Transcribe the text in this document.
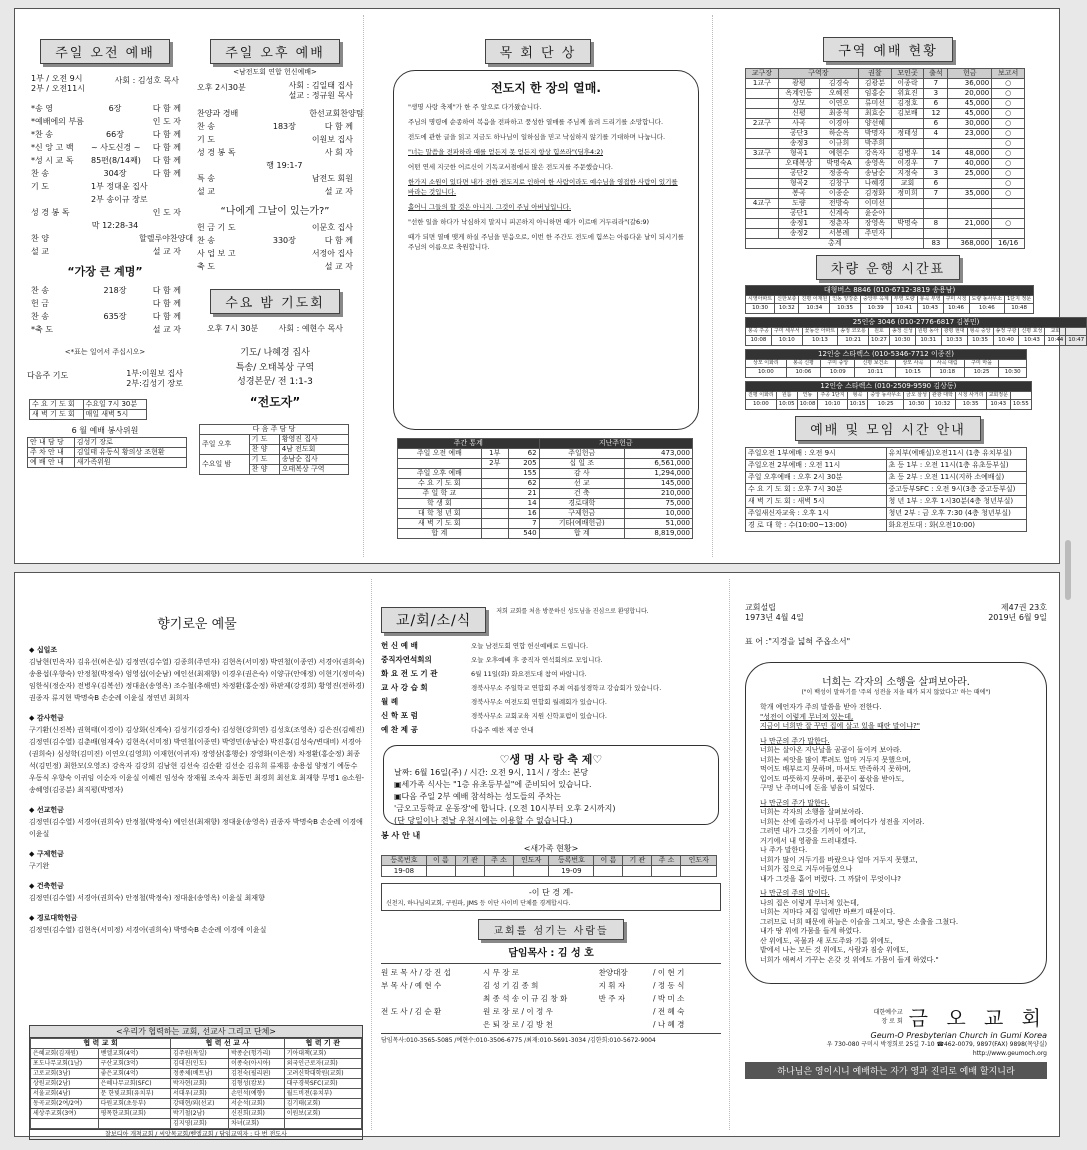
주일 오전 예배
1부 / 오전 9시
2부 / 오전11시
사회 : 김성호 목사
*송 영	6장	다 함 께
*예배에의 부름	인 도 자
*찬 송	66장	다 함 께
*신 앙 고 백	~ 사도신경 ~	다 함 께
*성 시 교 독	85편(8/14째)	다 함 께
찬 송	304장	다 함 께
기 도	1부 정대윤 집사
2부 송이규 장로
성 경 봉 독	인 도 자
막 12:28-34
찬 양	할렐루야찬양대
설 교	설 교 자
“가장 큰 계명”
찬 송	218장	다 함 께
헌 금	다 함 께
찬 송	635장	다 함 께
*축 도	설 교 자
<*표는 일어서 주십시오>
다음주 기도	1부:이원보 집사
2부:김성기 장로
수 요 기 도 회	수요일 7시 30분
새 벽 기 도 회	매일 새벽 5시
6 월 예배 봉사위원
안 내 담 당	김성기 장로
주 차 안 내	김일태 유동식 황의상 조현환
예 배 안 내	새가족위원
주일 오후 예배
<남전도회 연합 헌신예배>
오후 2시30분	사회 : 김일태 집사
설교 : 정규원 목사
찬양과 경배	한선교회찬양팀
찬 송	183장	다 함 께
기 도	이원보 집사
성 경 봉 독	사 회 자
행 19:1-7
특 송	남전도 회원
설 교	설 교 자
“나에게 그날이 있는가?”
헌 금 기 도	이문호 집사
찬 송	330장	다 함 께
사 업 보 고	서정아 집사
축 도	설 교 자
수요 밤 기도회
오후 7시 30분	사회 : 예현수 목사
기도/ 나혜경 집사
특송/ 오태복상 구역
성경본문/ 전 1:1-3
“전도자”
다 음 주 담 당		
주일 오후	기 도	황영진 집사
	찬 양	4남 전도회
수요일 밤	기 도	송남순 집사
	찬 양	오태복상 구역
목 회 단 상
전도지 한 장의 열매.

"생명 사랑 축제"가 한 주 앞으로 다가왔습니다.

주님의 명령에 순종하여 복음을 전파하고 풍성한 열매를 주님께 올려 드리기를 소망합니다.

전도에 관한 글을 읽고 지금도 하나님이 일하심을 믿고 낙심하지 않기를 기대하며 나눕니다.

"너는 말씀을 전파하라 때를 얻든지 못 얻든지 항상 힘쓰라"(딤후4:2)

어떤 연세 지긋한 어르신이 기독교서점에서 많은 전도지를 주문했습니다.

한가지 소원이 있다면 내가 전한 전도지로 인하여 한 사람이라도 예수님을 영접한 사람이 있기를 바라는 것입니다.

홀어니 그들의 할 것은 아니지. 그것이 주님 아버님입니다.

"선한 일을 하다가 낙심하지 말지니 피곤하지 아니하면 때가 이르매 거두리라"(갈6:9)

때가 되면 열매 맺게 하실 주님을 믿음으로, 이번 한 주간도 전도에 힘쓰는 아름다운 날이 되시기를 주님의 이름으로 축원합니다.

주간 통계			지난주헌금	
주일 오전 예배	1부	62	주일헌금	473,000
	2부	205	십 일 조	6,561,000
주일 오후 예배		155	감 사	1,294,000
수 요 기 도 회		62	선 교	145,000
주 일 학 교		21	건 축	210,000
학 생 회		14	경로대학	75,000
대 학 청 년 회		16	구제헌금	10,000
새 벽 기 도 회		7	기타(예배헌금)	51,000
합 계		540	합 계	8,819,000
구역 예배 현황
교구장	구역장		권찰	모인곳	출석	헌금	보고서
1교구	광평	김경숙	김광분	이종락	7	36,000	○
	옥계인동	오혜진	임홍순	위효진	3	20,000	○
	상모	이연오	류미선	김정호	6	45,000	○
	신평	최종석	최효순	김보배	12	45,000	○
2교구	사곡	이경아	양선혜		6	30,000	○
	공단3	하순옥	박명자	정태성	4	23,000	○
	송정3	이규희	박주희				○
3교구	형곡1	예현수	강옥자	김병우	14	48,000	○
	오태복상	박명숙A	송영옥	이경우	7	40,000	○
	공단2	정종숙	송남순	지정숙	3	25,000	○
	형곡2	김창구	나혜경	교회	6		○
	봉곡	이종순	김정화	정미희	7	35,000	○
4교구	도량	전방숙	이미선				
	공단1	신계숙	윤순아				
	송정1	정춘자	장영옥	박명숙	8	21,000	○
	송정2	서봉례	주민자				
총계					83	368,000	16/16
차량 운행 시간표
대형버스 8846 (010-6712-3819 송용남)									
시영아파트	신한보충	진평 이재원	인동 양강훈	중앙부 옥계	부영 도량	봉곡 부영	구미 시청	도량 동사무소	1단지 정문
10:30	10:32	10:34	10:35	10:39	10:41	10:43	10:46	10:46	10:48
25인승 3046 (010-2776-6817 김봉민)												
봉곡 주공	구미 세무서	꽃동산 아파트	송정 코오롱	원호	송정 신성	원평 동아	광평 현대	형곡 중앙	송정 구광	신평 효성	교회	
10:08	10:10	10:13	10:21	10:27	10:30	10:31	10:33	10:35	10:40	10:43	10:44	10:47
12인승 스타렉스 (010-5346-7712 이종진)							
상모 이화리	봉곡 신평	구미 중앙	신평 보건소	상모 사곡	사곡 대림	구미 마을	
10:00	10:06	10:09	10:11	10:15	10:18	10:25	10:30
12인승 스타렉스 (010-2509-9590 김상동)										
진평 이화리	원룸	인동	주공 1단지	형곡	중앙 동사무소	금오 삼성	관광 대학	시청 사거리	교회정문	
10:00	10:05	10:08	10:10	10:15	10:25	10:30	10:32	10:35	10:43	10:55
예배 및 모임 시간 안내
주일오전 1부예배 : 오전 9시	유치부(예배실)오전11시 (1층 유치부실)
주일오전 2부예배 : 오전 11시	초 등 1부 : 오전 11시(1층 유초등부실)
주일 오후예배 : 오후 2시 30분	초 등 2부 : 오전 11시(지하 소예배실)
수 요 기 도 회 : 오후 7시 30분	중고등부SFC : 오전 9시(3층 중고등부실)
새 벽 기 도 회 : 새벽 5시	청 년 1부 : 오후 1시30분(4층 청년부실)
주일새신자교육 : 오후 1시	청년 2부 : 금 오후 7:30 (4층 청년부실)
경 로 대 학 : 수(10:00~13:00)	화요전도대 : 화(오전10:00)
향기로운 예물
◆ 십일조
김남현(민옥자) 김유선(허은실) 김정연(김수열) 김종희(주민자) 김현옥(서미정) 박연철(이종연) 서경아(권희숙) 송용섭(우향숙) 안정철(박정숙) 엄영섭(이순남) 예인선(최재향) 이경우(권은숙) 이양규(안애정) 이현기(정미숙) 임한식(정순자) 전병우(김복선) 정대윤(송영옥) 조수철(추해연) 차정환(홍순정) 하판제(강경희) 황영진(전하경) 권종자 류지현 박명숙B 손순례 이윤실 정연년 최희자
◆ 감사헌금
구기환(신진복) 권혁태(이경이) 김상화(신계숙) 김성기(김경숙) 김성현(강희연) 김성호(조영옥) 김은진(김혜진) 김정연(김수열) 김춘배(엄재숙) 김현옥(서미정) 박연철(이종연) 박영민(송남순) 박진홍(김성숙/변대비) 서경아(권희숙) 심성학(김미진) 이연오(김영희) 이재헌(이귀자) 장영삼(홍행순) 장영화(이은정) 차정환(홍순정) 최종석(김민정) 최한모(오영조) 강옥자 김강희 김남현 김선숙 김순환 김선순 김유희 류재룡 송용섭 양정기 예동수 우동식 우향숙 이귀임 이순자 이윤실 이혜진 임성숙 장재월 조숙자 최동민 최경희 최선호 최재향 무명1 ◎소원-송혜영(김공분) 최직평(박명자)
◆ 선교헌금
김정연(김수열) 서경아(권희숙) 안정철(박정숙) 예인선(최재향) 정대윤(송영옥) 권종자 박명숙B 손순례 이경애 이윤실
◆ 구제헌금
구기완
◆ 건축헌금
김정연(김수열) 서경아(권희숙) 안정철(박정숙) 정대윤(송영옥) 이윤실 최재향
◆ 경로대학헌금
김정연(김수열) 김현옥(서미정) 서경아(권희숙) 박명숙B 손순례 이경애 이윤실
<우리가 협력하는 교회, 선교사 그리고 단체>
협 력 교 회		협 력 선 교 사		협 력 기 관
은혜교회(김재원)	벧엘교회(4억)	김주원(독일)	박종순(헝가리)	기아대책(교회)
포도나무교회(1남)	구산교회(3억)	김대진(인도)	이종숙(아시아)	외국인근로자(교회)
고로교회(3남)	좋은교회(4억)	정종체(베트남)	김천숙(필리핀)	고려신학대학원(교회)
상원교회(2남)	은혜나무교회(SFC)	박자현(교회)	김형성(캄보)	대구경북SFC(교회)
서울교회(4남)	문 한빛교회(유치부)	서대우(교회)	손민석(예향)	월드비전(유치부)
동곡교회(2여/2여)	다원교회(초등부)	강태현/외(선교)	서순석(교회)	김기태(교회)
세상주교회(3여)	평목한교회(교회)	박기철(2남)	신진희(교회)	이원보(교회)
		김지영(교회)	차녀(교회)	
찰보디아 개척교회 / 씨앗목교회/벧엘교회 / 담임교역자 : 다 번 전도사
교/회/소/식
저희 교회를 처음 방문하신 성도님을 진심으로 환영합니다.
헌 신 예 배	오늘 남전도회 연합 헌신예배로 드립니다.
중직자연석회의	오늘 오후예배 후 중직자 연석회의로 모입니다.
화 요 전 도 기 관	6월 11일(화) 화요전도대 참여 바랍니다.
교 사 강 습 회	경북사무소 주일학교 연합회 주최 여름성경학교 강습회가 있습니다.
월 례	경북사무소 여전도회 연합회 월례회가 있습니다.
신 학 포 럼	경북사무소 교회교육 지원 신학포럼이 있습니다.
예 찬 제 공	다음주 예찬 제공 안내
♡생 명 사 랑 축 제♡
날짜: 6월 16일(주) / 시간: 오전 9시, 11시 / 장소: 본당
▣세가족 식사는 "1층 유초등부실"에 준비되어 있습니다.
▣다음 주일 2부 예배 참석하는 성도들의 주차는
'금오고등학교 운동장'에 합니다. (오전 10시부터 오후 2시까지)
(단 당일이나 전날 우천시에는 이용할 수 없습니다.)
봉 사 안 내
<새가족 현황>
등록번호	이 름	기 관	주 소	인도자	등록번호	이 름	기 관	주 소	인도자
19-08					19-09				
-이 단 경 계-
신천지, 하나님의교회, 구원파, JMS 등 이단 사이비 단체를 경계합시다.
교회를 섬기는 사람들
담임목사 : 김 성 호
원 로 목 사 / 강 진 섭	시 무 장 로	찬양대장	/ 이 현 기
부 목 사 / 예 현 수	김 성 기 김 종 희	지 휘 자	/ 정 동 식
최 종 석 송 이 규 김 창 화	반 주 자	/ 박 미 소
전 도 사 / 김 순 환	원 로 장 로 / 이 정 우	/ 전 혜 숙
은 퇴 장 로 / 김 방 천	/ 나 혜 경
담임목사:010-3565-5085 /예현수:010-3506-6775 /최재:010-5691-3034 /김한희:010-5672-9004
교회설립
1973년 4월 4일
제47권 23호
2019년 6월 9일
표 어 :"지경을 넓혀 주옵소서"
너희는 각자의 소행을 살펴보아라.
("이 백성이 말하기를 '주의 성전을 지을 때가 되지 않았다고' 하는 때에")
학개 예언자가 주의 말씀을 받아 전한다.
"성전이 이렇게 무너져 있는데,
지금이 너희만 잘 꾸민 집에 살고 있을 때란 말이냐?"
나 만군의 주가 말한다.
너희는 살아온 지난날을 곰곰이 돌이켜 보아라.
너희는 씨앗을 많이 뿌려도 얼마 거두지 못했으며,
먹어도 배부르지 못하며, 마셔도 만족하지 못하며,
입어도 따뜻하지 못하며, 품꾼이 품삯을 받아도,
구멍 난 주머니에 돈을 넣음이 되었다.
나 만군의 주가 말한다.
너희는 각자의 소행을 살펴보아라.
너희는 산에 올라가서 나무를 베어다가 성전을 지어라.
그러면 내가 그것을 기꺼이 여기고,
거기에서 내 영광을 드러내겠다.
나 주가 말한다.
너희가 많이 거두기를 바랐으나 얼마 거두지 못했고,
너희가 집으로 거두어들였으나
내가 그것을 흩어 버렸다. 그 까닭이 무엇이냐?
나 만군의 주의 말이다.
나의 집은 이렇게 무너져 있는데,
너희는 저마다 제집 일에만 바쁘기 때문이다.
그러므로 너희 때문에 하늘은 이슬을 그치고, 땅은 소출을 그쳤다.
내가 땅 위에 가뭄을 들게 하였다.
산 위에도, 곡물과 새 포도주와 기름 위에도,
밭에서 나는 모든 것 위에도, 사람과 짐승 위에도,
너희가 애써서 가꾸는 온갖 것 위에도 가뭄이 들게 하였다."
대한예수교 장 로 회 금 오 교 회
Geum-O Presbyterian Church in Gumi Korea
우 730-080 구미시 박정희로 25길 7-10 ☎462-0079, 9897(FAX) 9898(목양실)
http://www.geumoch.org
하나님은 영이시니 예배하는 자가 영과 진리로 예배 할지니라
